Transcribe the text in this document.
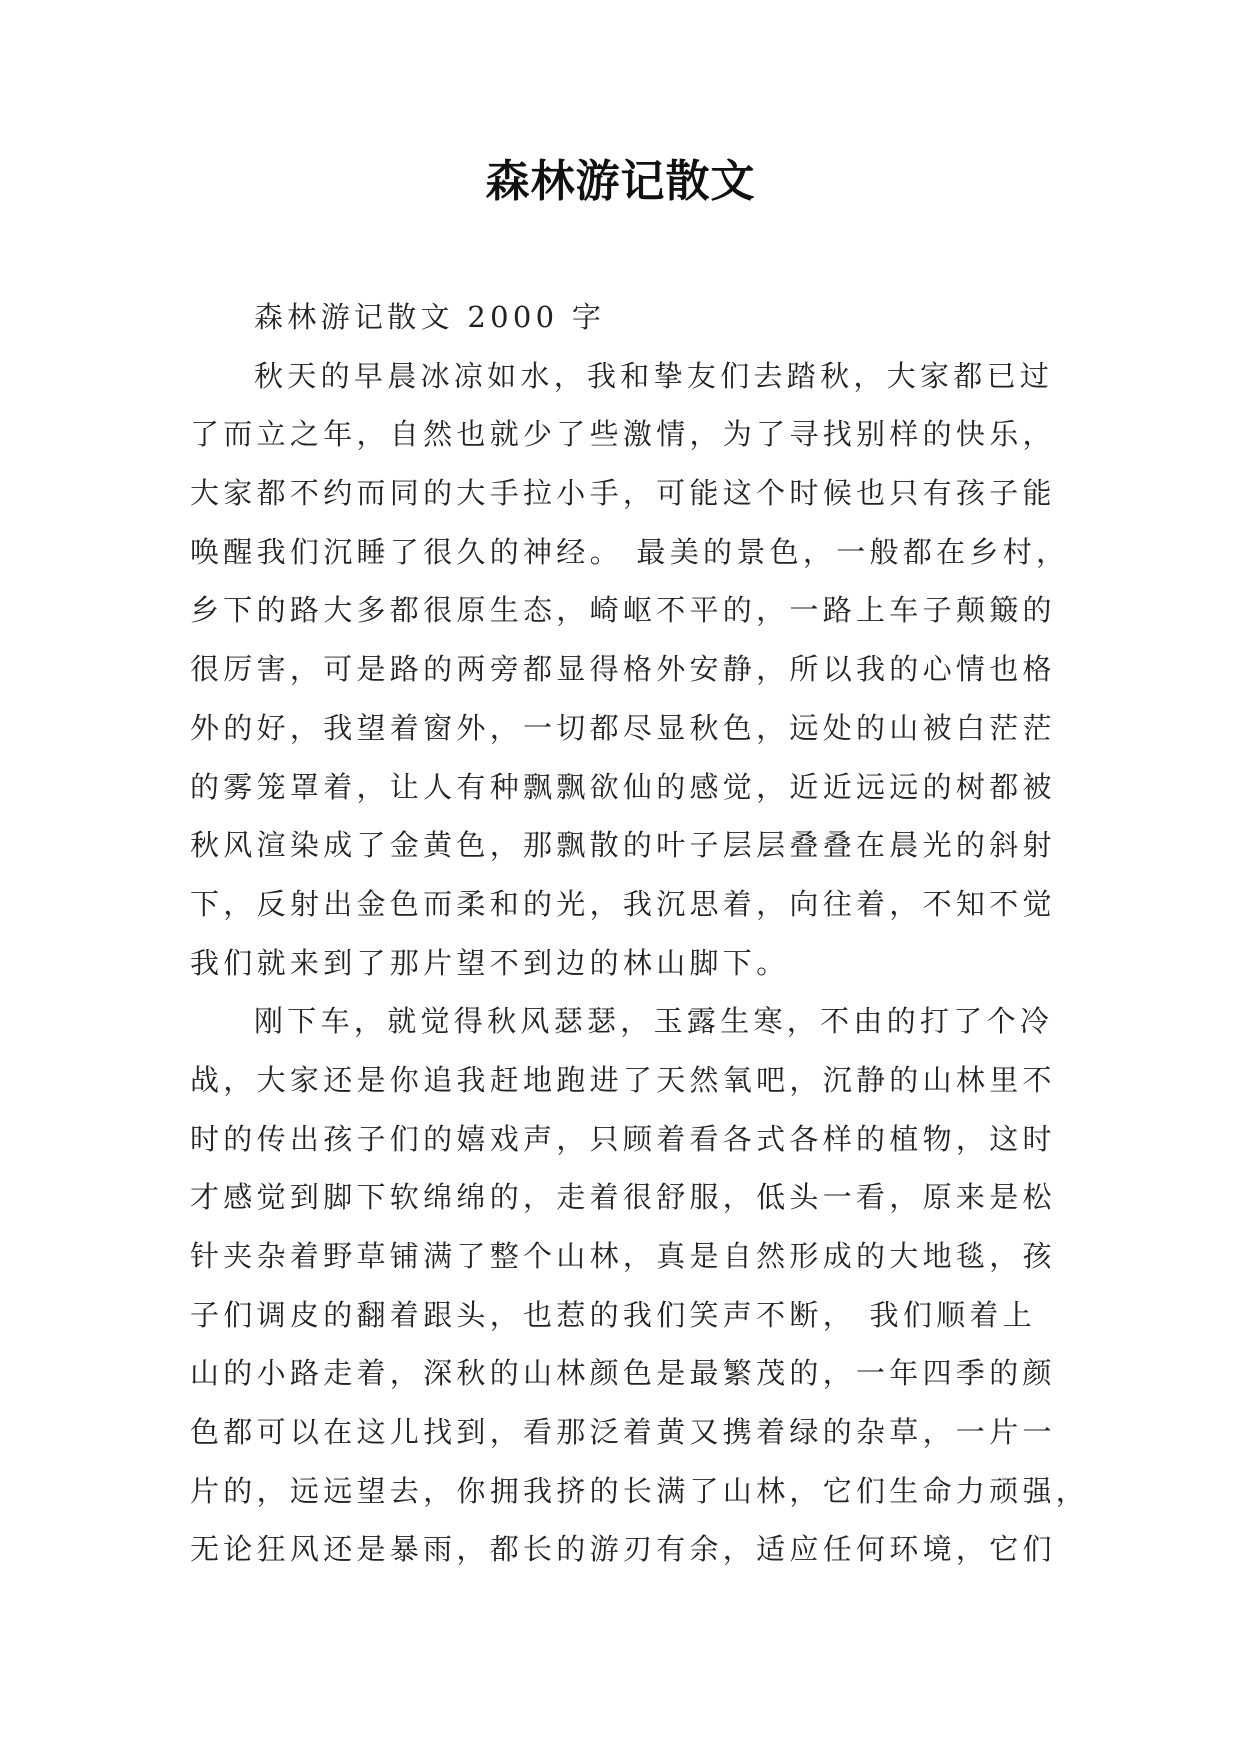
森林游记散文
森林游记散文 2000 字
秋天的早晨冰凉如水，我和挚友们去踏秋，大家都已过
了而立之年，自然也就少了些激情，为了寻找别样的快乐，
大家都不约而同的大手拉小手，可能这个时候也只有孩子能
唤醒我们沉睡了很久的神经。 最美的景色，一般都在乡村，
乡下的路大多都很原生态，崎岖不平的，一路上车子颠簸的
很厉害，可是路的两旁都显得格外安静，所以我的心情也格
外的好，我望着窗外，一切都尽显秋色，远处的山被白茫茫
的雾笼罩着，让人有种飘飘欲仙的感觉，近近远远的树都被
秋风渲染成了金黄色，那飘散的叶子层层叠叠在晨光的斜射
下，反射出金色而柔和的光，我沉思着，向往着，不知不觉
我们就来到了那片望不到边的林山脚下。
刚下车，就觉得秋风瑟瑟，玉露生寒，不由的打了个冷
战，大家还是你追我赶地跑进了天然氧吧，沉静的山林里不
时的传出孩子们的嬉戏声，只顾着看各式各样的植物，这时
才感觉到脚下软绵绵的，走着很舒服，低头一看，原来是松
针夹杂着野草铺满了整个山林，真是自然形成的大地毯，孩
子们调皮的翻着跟头，也惹的我们笑声不断， 我们顺着上
山的小路走着，深秋的山林颜色是最繁茂的，一年四季的颜
色都可以在这儿找到，看那泛着黄又携着绿的杂草，一片一
片的，远远望去，你拥我挤的长满了山林，它们生命力顽强，
无论狂风还是暴雨，都长的游刃有余，适应任何环境，它们
